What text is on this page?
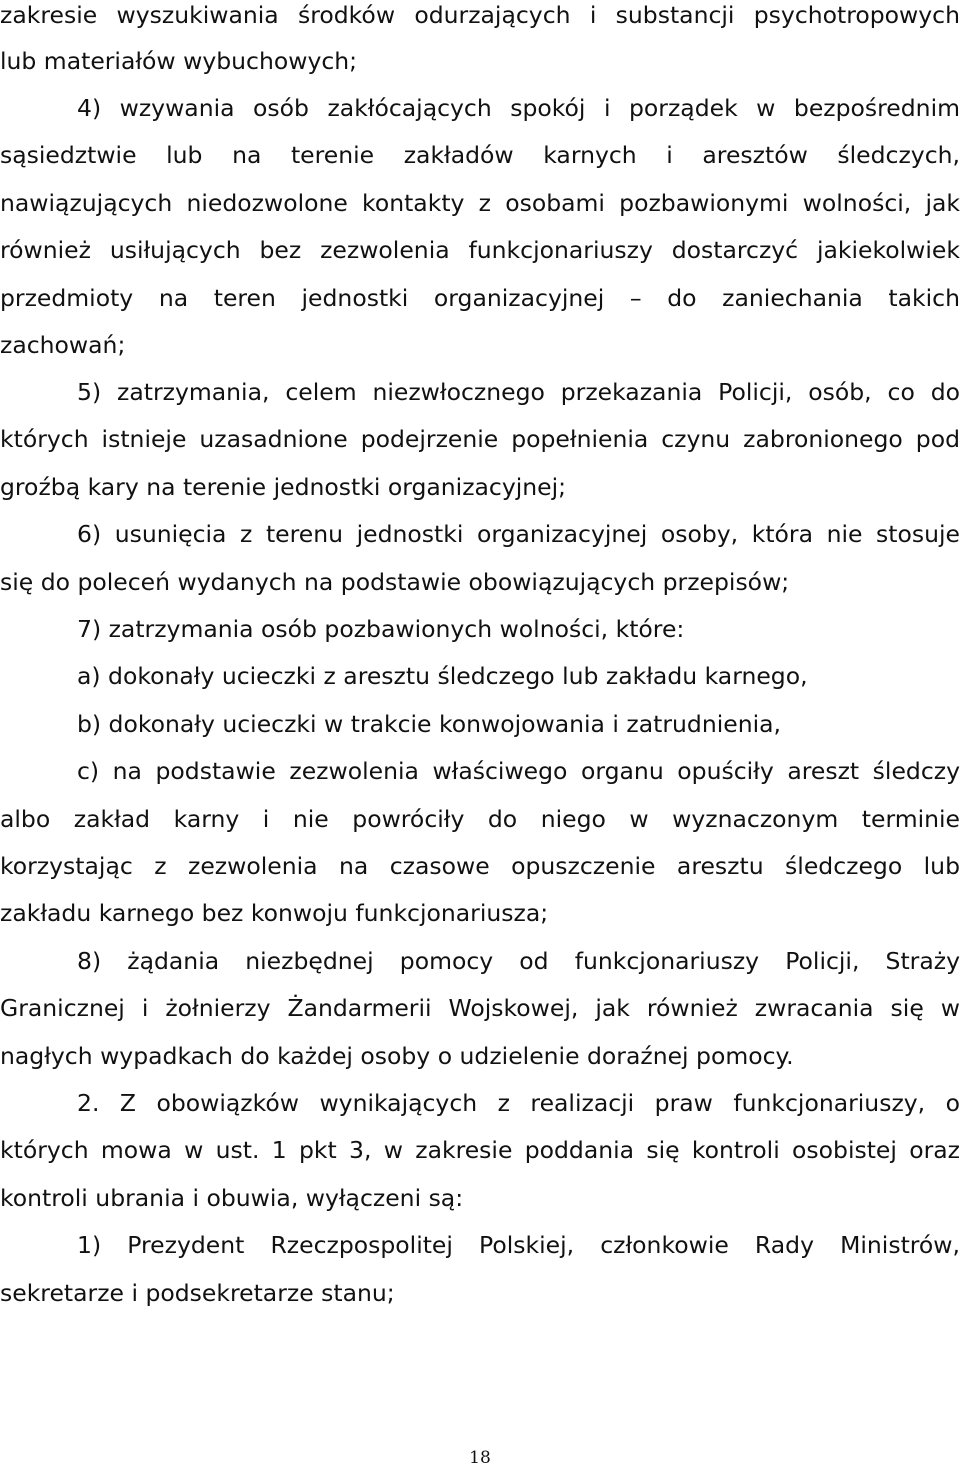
zakresie wyszukiwania środków odurzających i substancji psychotropowych
lub materiałów wybuchowych;
4) wzywania osób zakłócających spokój i porządek w bezpośrednim
sąsiedztwie lub na terenie zakładów karnych i aresztów śledczych,
nawiązujących niedozwolone kontakty z osobami pozbawionymi wolności, jak
również usiłujących bez zezwolenia funkcjonariuszy dostarczyć jakiekolwiek
przedmioty na teren jednostki organizacyjnej – do zaniechania takich
zachowań;
5) zatrzymania, celem niezwłocznego przekazania Policji, osób, co do
których istnieje uzasadnione podejrzenie popełnienia czynu zabronionego pod
groźbą kary na terenie jednostki organizacyjnej;
6) usunięcia z terenu jednostki organizacyjnej osoby, która nie stosuje
się do poleceń wydanych na podstawie obowiązujących przepisów;
7) zatrzymania osób pozbawionych wolności, które:
a) dokonały ucieczki z aresztu śledczego lub zakładu karnego,
b) dokonały ucieczki w trakcie konwojowania i zatrudnienia,
c) na podstawie zezwolenia właściwego organu opuściły areszt śledczy
albo zakład karny i nie powróciły do niego w wyznaczonym terminie
korzystając z zezwolenia na czasowe opuszczenie aresztu śledczego lub
zakładu karnego bez konwoju funkcjonariusza;
8) żądania niezbędnej pomocy od funkcjonariuszy Policji, Straży
Granicznej i żołnierzy Żandarmerii Wojskowej, jak również zwracania się w
nagłych wypadkach do każdej osoby o udzielenie doraźnej pomocy.
2. Z obowiązków wynikających z realizacji praw funkcjonariuszy, o
których mowa w ust. 1 pkt 3, w zakresie poddania się kontroli osobistej oraz
kontroli ubrania i obuwia, wyłączeni są:
1) Prezydent Rzeczpospolitej Polskiej, członkowie Rady Ministrów,
sekretarze i podsekretarze stanu;
18
